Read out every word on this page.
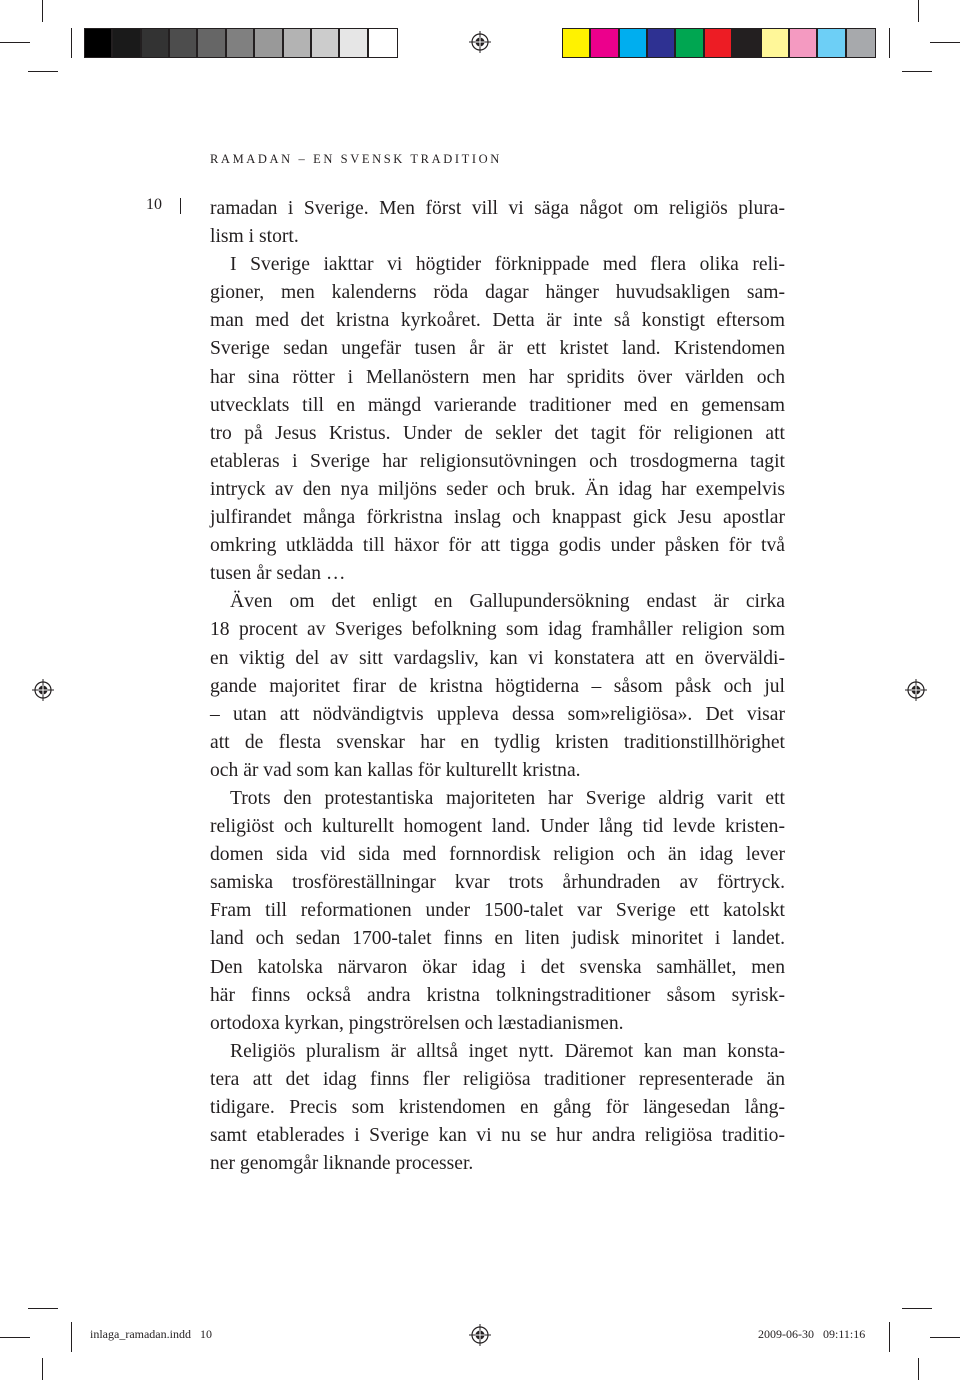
RAMADAN – EN SVENSK TRADITION
10 ramadan i Sverige. Men först vill vi säga något om religiös plura-
lism i stort.
I Sverige iakttar vi högtider förknippade med flera olika reli-
gioner, men kalenderns röda dagar hänger huvudsakligen sam-
man med det kristna kyrkoåret. Detta är inte så konstigt eftersom
Sverige sedan ungefär tusen år är ett kristet land. Kristendomen
har sina rötter i Mellanöstern men har spridits över världen och
utvecklats till en mängd varierande traditioner med en gemensam
tro på Jesus Kristus. Under de sekler det tagit för religionen att
etableras i Sverige har religionsutövningen och trosdogmerna tagit
intryck av den nya miljöns seder och bruk. Än idag har exempelvis
julfirandet många förkristna inslag och knappast gick Jesu apostlar
omkring utklädda till häxor för att tigga godis under påsken för två
tusen år sedan …
Även om det enligt en Gallupundersökning endast är cirka
18 procent av Sveriges befolkning som idag framhåller religion som
en viktig del av sitt vardagsliv, kan vi konstatera att en överväldi-
gande majoritet firar de kristna högtiderna – såsom påsk och jul
– utan att nödvändigtvis uppleva dessa som»religiösa». Det visar
att de flesta svenskar har en tydlig kristen traditionstillhörighet
och är vad som kan kallas för kulturellt kristna.
Trots den protestantiska majoriteten har Sverige aldrig varit ett
religiöst och kulturellt homogent land. Under lång tid levde kristen-
domen sida vid sida med fornnordisk religion och än idag lever
samiska trosföreställningar kvar trots århundraden av förtryck.
Fram till reformationen under 1500-talet var Sverige ett katolskt
land och sedan 1700-talet finns en liten judisk minoritet i landet.
Den katolska närvaron ökar idag i det svenska samhället, men
här finns också andra kristna tolkningstraditioner såsom syrisk-
ortodoxa kyrkan, pingströrelsen och læstadianismen.
Religiös pluralism är alltså inget nytt. Däremot kan man konsta-
tera att det idag finns fler religiösa traditioner representerade än
tidigare. Precis som kristendomen en gång för längesedan lång-
samt etablerades i Sverige kan vi nu se hur andra religiösa traditio-
ner genomgår liknande processer.
inlaga_ramadan.indd   10	2009-06-30   09:11:16
